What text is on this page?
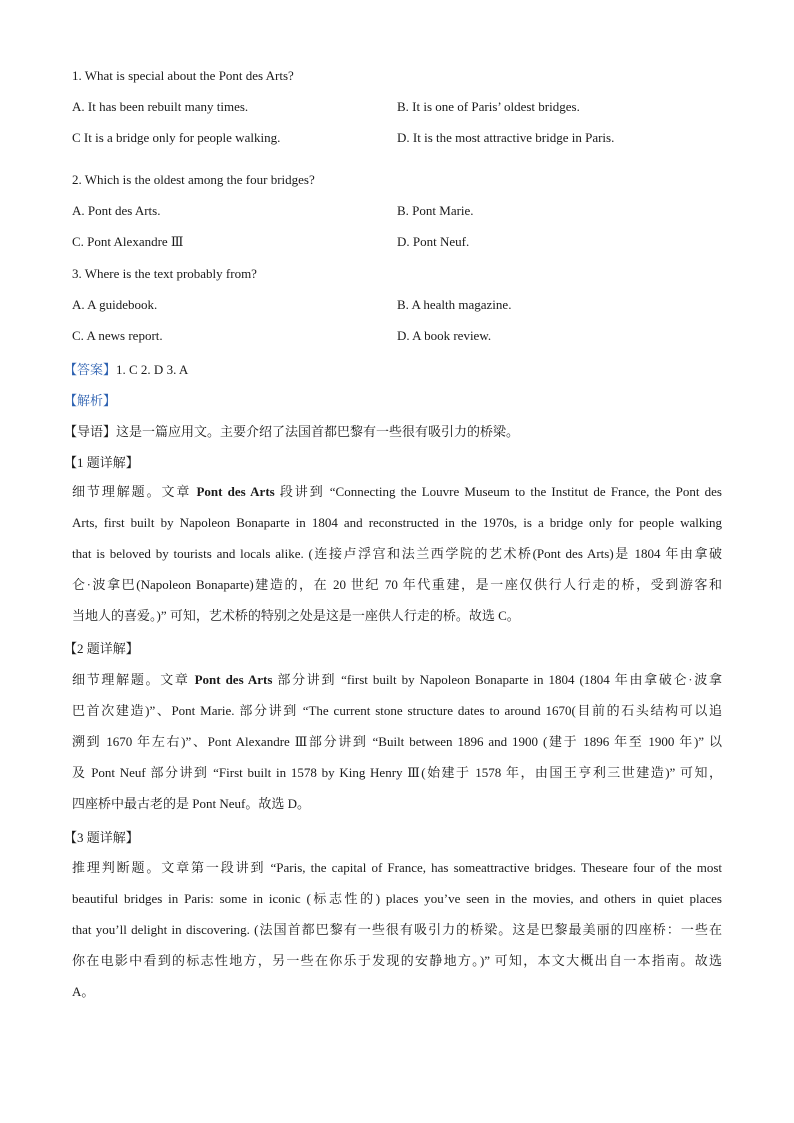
1. What is special about the Pont des Arts?
A. It has been rebuilt many times.	B. It is one of Paris’ oldest bridges.
C It is a bridge only for people walking.	D. It is the most attractive bridge in Paris.
2. Which is the oldest among the four bridges?
A. Pont des Arts.	B. Pont Marie.
C. Pont Alexandre Ⅲ	D. Pont Neuf.
3. Where is the text probably from?
A. A guidebook.	B. A health magazine.
C. A news report.	D. A book review.
【答案】1. C 2. D 3. A
【解析】
【导语】这是一篇应用文。主要介绍了法国首都巴黎有一些很有吸引力的桥梁。
【1 题详解】
细节理解题。文章 Pont des Arts 段讲到 “Connecting the Louvre Museum to the Institut de France, the Pont des
Arts, first built by Napoleon Bonaparte in 1804 and reconstructed in the 1970s, is a bridge only for people walking
that is beloved by tourists and locals alike. (连接卢浮宫和法兰西学院的艺术桥(Pont des Arts)是 1804 年由拿破
仑·波拿巴(Napoleon Bonaparte)建造的，在 20 世纪 70 年代重建，是一座仅供行人行走的桥，受到游客和
当地人的喜爱。)” 可知，艺术桥的特别之处是这是一座供人行走的桥。故选 C。
【2 题详解】
细节理解题。文章 Pont des Arts 部分讲到 “first built by Napoleon Bonaparte in 1804 (1804 年由拿破仑·波拿
巴首次建造)”、Pont Marie. 部分讲到 “The current stone structure dates to around 1670(目前的石头结构可以追
溯到 1670 年左右)”、Pont Alexandre Ⅲ部分讲到 “Built between 1896 and 1900 (建于 1896 年至 1900 年)” 以
及 Pont Neuf 部分讲到 “First built in 1578 by King Henry Ⅲ(始建于 1578 年，由国王亨利三世建造)” 可知，
四座桥中最古老的是 Pont Neuf。故选 D。
【3 题详解】
推理判断题。文章第一段讲到 “Paris, the capital of France, has someattractive bridges. Theseare four of the most
beautiful bridges in Paris: some in iconic (标志性的) places you’ve seen in the movies, and others in quiet places
that you’ll delight in discovering. (法国首都巴黎有一些很有吸引力的桥梁。这是巴黎最美丽的四座桥：一些在
你在电影中看到的标志性地方，另一些在你乐于发现的安静地方。)” 可知，本文大概出自一本指南。故选
A。
